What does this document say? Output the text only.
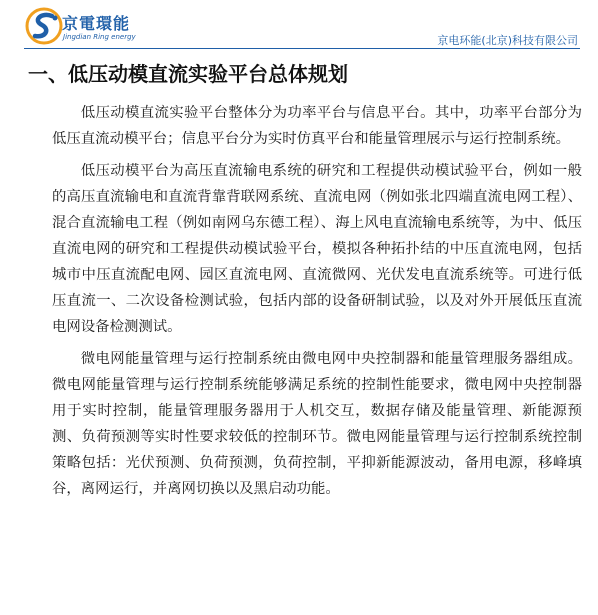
京電環能
Jingdian Ring energy	京电环能(北京)科技有限公司
一、低压动模直流实验平台总体规划

低压动模直流实验平台整体分为功率平台与信息平台。其中，功率平台部分为低压直流动模平台；信息平台分为实时仿真平台和能量管理展示与运行控制系统。

低压动模平台为高压直流输电系统的研究和工程提供动模试验平台，例如一般的高压直流输电和直流背靠背联网系统、直流电网（例如张北四端直流电网工程）、混合直流输电工程（例如南网乌东德工程）、海上风电直流输电系统等，为中、低压直流电网的研究和工程提供动模试验平台，模拟各种拓扑结的中压直流电网，包括城市中压直流配电网、园区直流电网、直流微网、光伏发电直流系统等。可进行低压直流一、二次设备检测试验，包括内部的设备研制试验，以及对外开展低压直流电网设备检测测试。

微电网能量管理与运行控制系统由微电网中央控制器和能量管理服务器组成。微电网能量管理与运行控制系统能够满足系统的控制性能要求，微电网中央控制器用于实时控制，能量管理服务器用于人机交互，数据存储及能量管理、新能源预测、负荷预测等实时性要求较低的控制环节。微电网能量管理与运行控制系统控制策略包括：光伏预测、负荷预测，负荷控制，平抑新能源波动，备用电源，移峰填谷，离网运行，并离网切换以及黑启动功能。
